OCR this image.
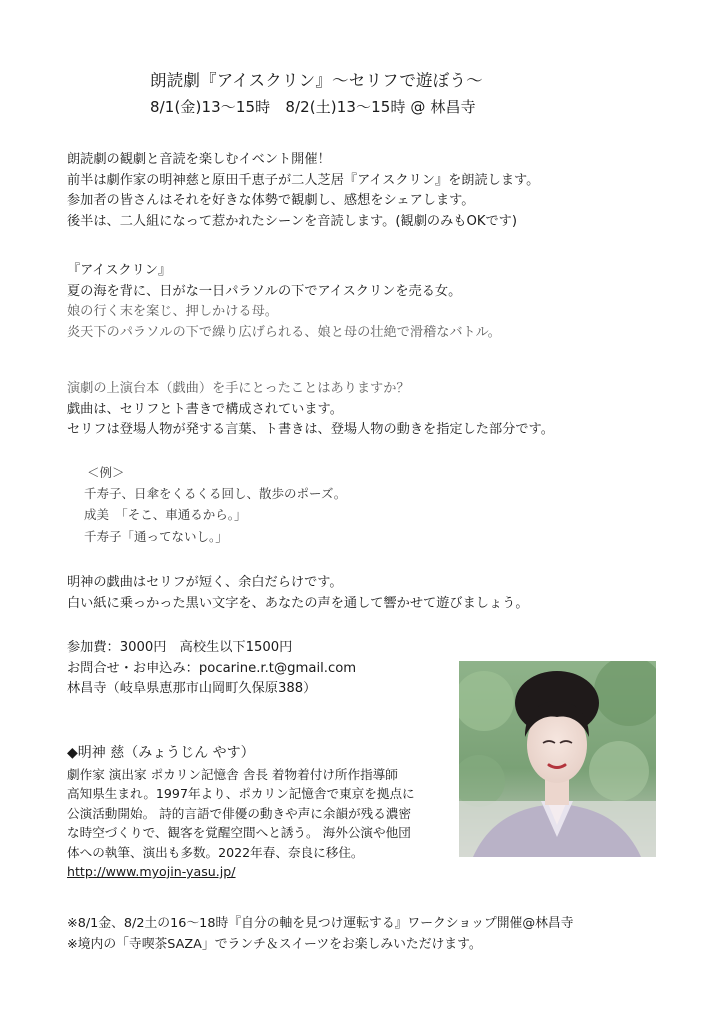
朗読劇『アイスクリン』〜セリフで遊ぼう〜
8/1(金)13〜15時　8/2(土)13〜15時 @ 林昌寺

朗読劇の観劇と音読を楽しむイベント開催！

前半は劇作家の明神慈と原田千恵子が二人芝居『アイスクリン』を朗読します。

参加者の皆さんはそれを好きな体勢で観劇し、感想をシェアします。

後半は、二人組になって惹かれたシーンを音読します。(観劇のみもOKです)

『アイスクリン』

夏の海を背に、日がな一日パラソルの下でアイスクリンを売る女。

娘の行く末を案じ、押しかける母。

炎天下のパラソルの下で繰り広げられる、娘と母の壮絶で滑稽なバトル。

演劇の上演台本（戯曲）を手にとったことはありますか？

戯曲は、セリフとト書きで構成されています。

セリフは登場人物が発する言葉、ト書きは、登場人物の動きを指定した部分です。

＜例＞

千寿子、日傘をくるくる回し、散歩のポーズ。

成美　「そこ、車通るから。」

千寿子「通ってないし。」

明神の戯曲はセリフが短く、余白だらけです。

白い紙に乗っかった黒い文字を、あなたの声を通して響かせて遊びましょう。

参加費：3000円　高校生以下1500円

お問合せ・お申込み：pocarine.r.t@gmail.com

林昌寺（岐阜県恵那市山岡町久保原388）

◆明神 慈（みょうじん やす）

劇作家 演出家 ポカリン記憶舎 舎長 着物着付け所作指導師

高知県生まれ。1997年より、ポカリン記憶舎で東京を拠点に

公演活動開始。 詩的言語で俳優の動きや声に余韻が残る濃密

な時空づくりで、観客を覚醒空間へと誘う。 海外公演や他団

体への執筆、演出も多数。2022年春、奈良に移住。

http://www.myojin-yasu.jp/

※8/1金、8/2土の16〜18時『自分の軸を見つけ運転する』ワークショップ開催@林昌寺

※境内の「寺喫茶SAZA」でランチ＆スイーツをお楽しみいただけます。
